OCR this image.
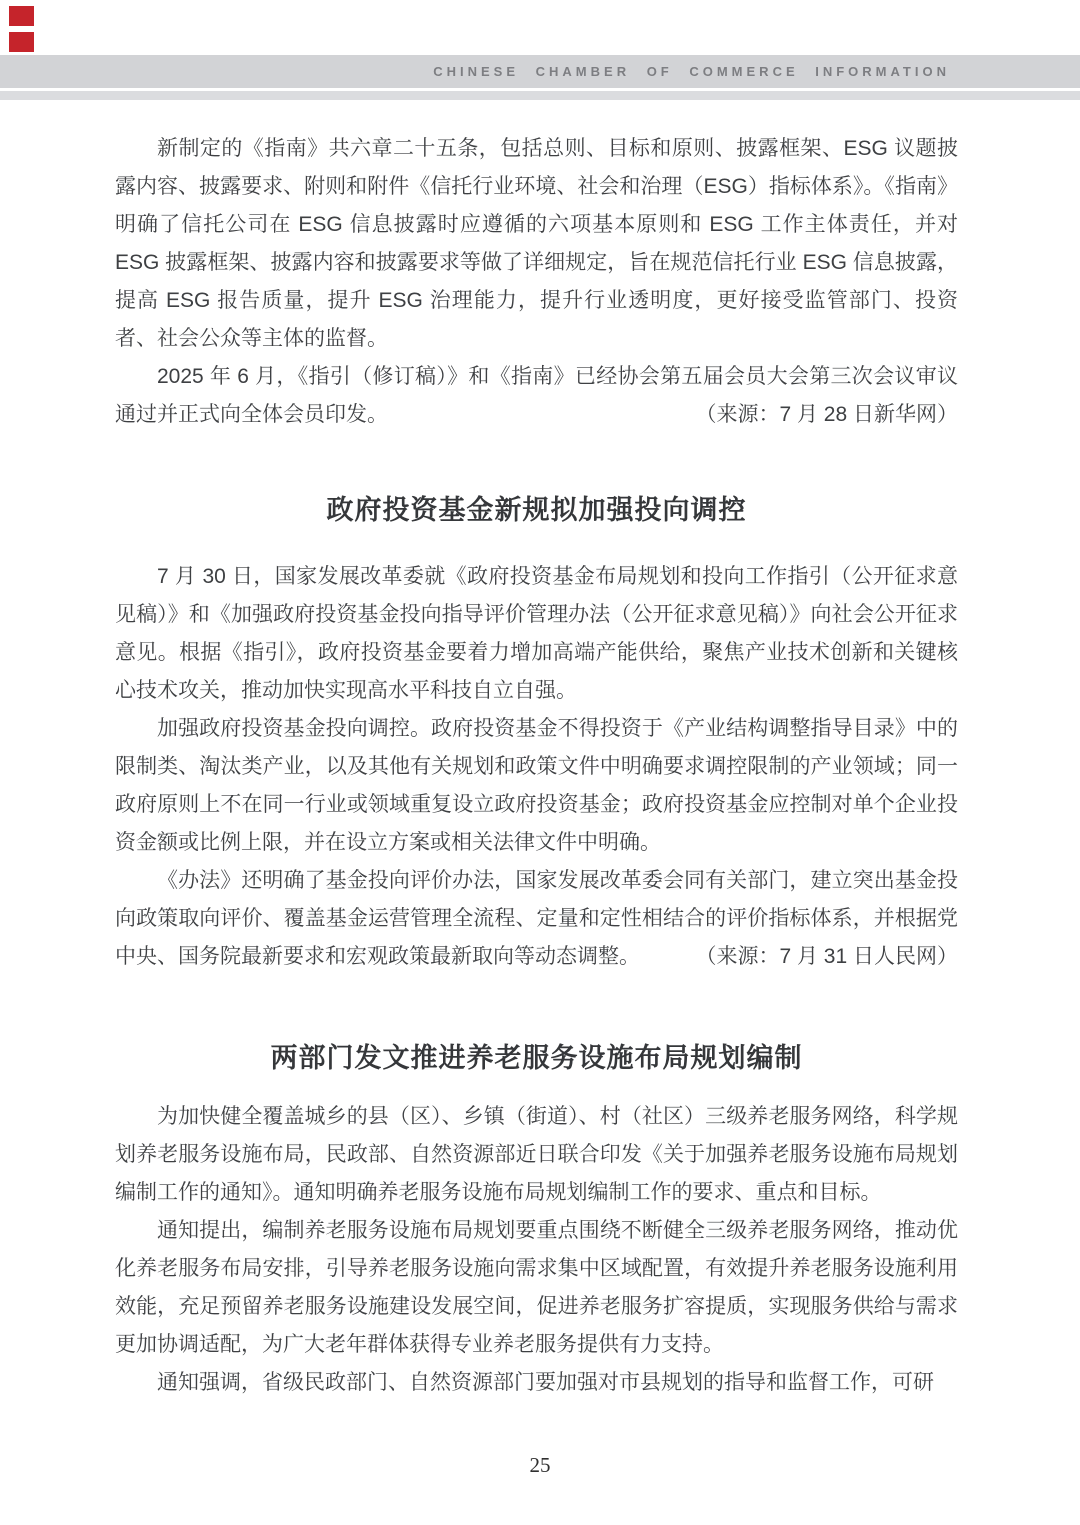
CHINESE CHAMBER OF COMMERCE INFORMATION

新制定的《指南》共六章二十五条，包括总则、目标和原则、披露框架、ESG 议题披露内容、披露要求、附则和附件《信托行业环境、社会和治理（ESG）指标体系》。《指南》明确了信托公司在 ESG 信息披露时应遵循的六项基本原则和 ESG 工作主体责任，并对 ESG 披露框架、披露内容和披露要求等做了详细规定，旨在规范信托行业 ESG 信息披露，提高 ESG 报告质量，提升 ESG 治理能力，提升行业透明度，更好接受监管部门、投资者、社会公众等主体的监督。

2025 年 6 月，《指引（修订稿）》和《指南》已经协会第五届会员大会第三次会议审议通过并正式向全体会员印发。	（来源：7 月 28 日新华网）

政府投资基金新规拟加强投向调控

7 月 30 日，国家发展改革委就《政府投资基金布局规划和投向工作指引（公开征求意见稿）》和《加强政府投资基金投向指导评价管理办法（公开征求意见稿）》向社会公开征求意见。根据《指引》，政府投资基金要着力增加高端产能供给，聚焦产业技术创新和关键核心技术攻关，推动加快实现高水平科技自立自强。

加强政府投资基金投向调控。政府投资基金不得投资于《产业结构调整指导目录》中的限制类、淘汰类产业，以及其他有关规划和政策文件中明确要求调控限制的产业领域；同一政府原则上不在同一行业或领域重复设立政府投资基金；政府投资基金应控制对单个企业投资金额或比例上限，并在设立方案或相关法律文件中明确。

《办法》还明确了基金投向评价办法，国家发展改革委会同有关部门，建立突出基金投向政策取向评价、覆盖基金运营管理全流程、定量和定性相结合的评价指标体系，并根据党中央、国务院最新要求和宏观政策最新取向等动态调整。	（来源：7 月 31 日人民网）

两部门发文推进养老服务设施布局规划编制

为加快健全覆盖城乡的县（区）、乡镇（街道）、村（社区）三级养老服务网络，科学规划养老服务设施布局，民政部、自然资源部近日联合印发《关于加强养老服务设施布局规划编制工作的通知》。通知明确养老服务设施布局规划编制工作的要求、重点和目标。

通知提出，编制养老服务设施布局规划要重点围绕不断健全三级养老服务网络，推动优化养老服务布局安排，引导养老服务设施向需求集中区域配置，有效提升养老服务设施利用效能，充足预留养老服务设施建设发展空间，促进养老服务扩容提质，实现服务供给与需求更加协调适配，为广大老年群体获得专业养老服务提供有力支持。

通知强调，省级民政部门、自然资源部门要加强对市县规划的指导和监督工作，可研

25
